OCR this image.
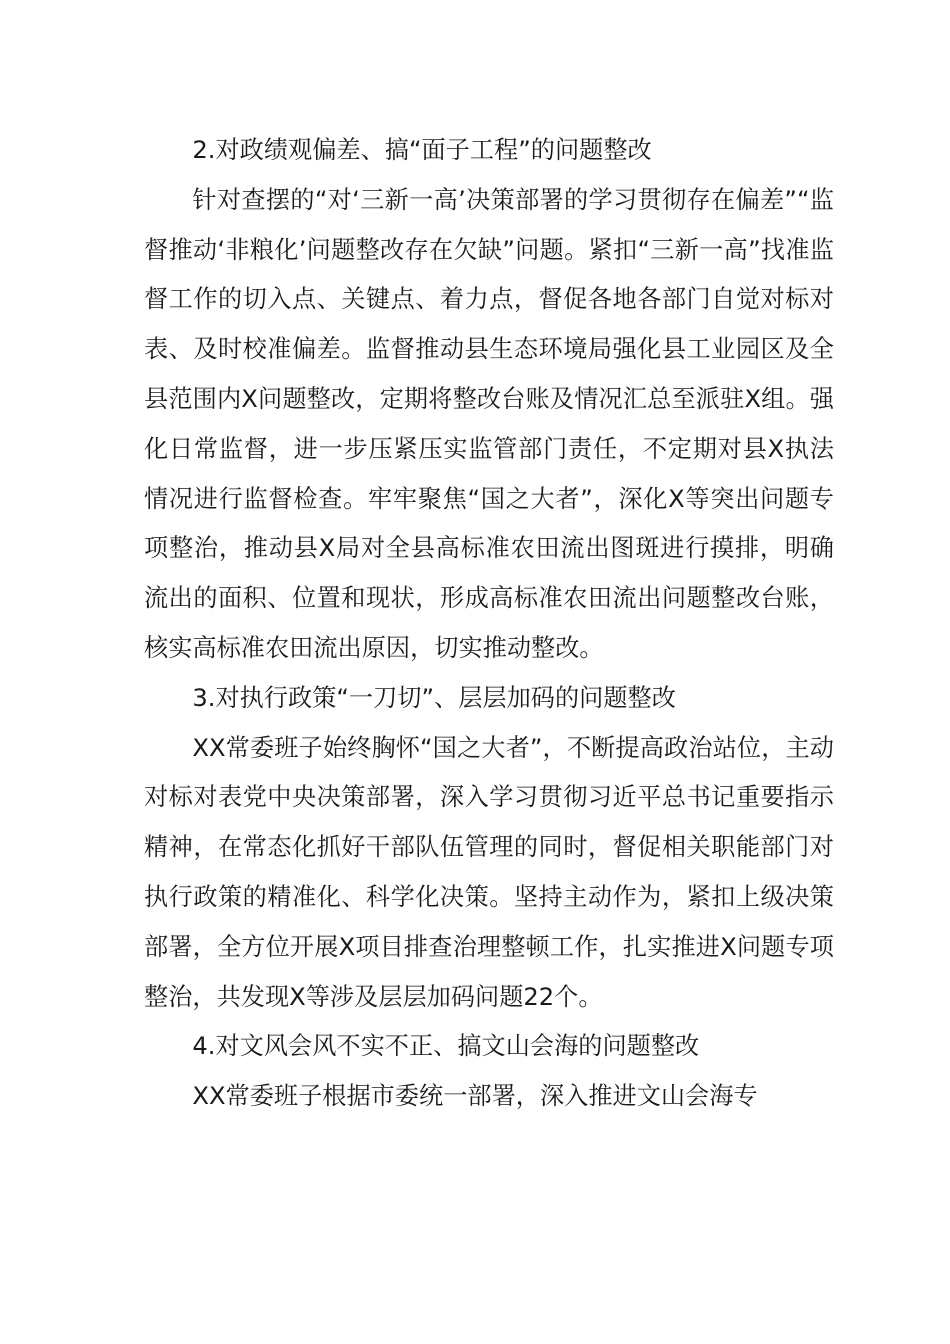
2.对政绩观偏差、搞“面子工程”的问题整改

针对查摆的“对‘三新一高’决策部署的学习贯彻存在偏差”“监督推动‘非粮化’问题整改存在欠缺”问题。紧扣“三新一高”找准监督工作的切入点、关键点、着力点，督促各地各部门自觉对标对表、及时校准偏差。监督推动县生态环境局强化县工业园区及全县范围内X问题整改，定期将整改台账及情况汇总至派驻X组。强化日常监督，进一步压紧压实监管部门责任，不定期对县X执法情况进行监督检查。牢牢聚焦“国之大者”，深化X等突出问题专项整治，推动县X局对全县高标准农田流出图斑进行摸排，明确流出的面积、位置和现状，形成高标准农田流出问题整改台账，核实高标准农田流出原因，切实推动整改。

3.对执行政策“一刀切”、层层加码的问题整改

XX常委班子始终胸怀“国之大者”，不断提高政治站位，主动对标对表党中央决策部署，深入学习贯彻习近平总书记重要指示精神，在常态化抓好干部队伍管理的同时，督促相关职能部门对执行政策的精准化、科学化决策。坚持主动作为，紧扣上级决策部署，全方位开展X项目排查治理整顿工作，扎实推进X问题专项整治，共发现X等涉及层层加码问题22个。

4.对文风会风不实不正、搞文山会海的问题整改

XX常委班子根据市委统一部署，深入推进文山会海专
